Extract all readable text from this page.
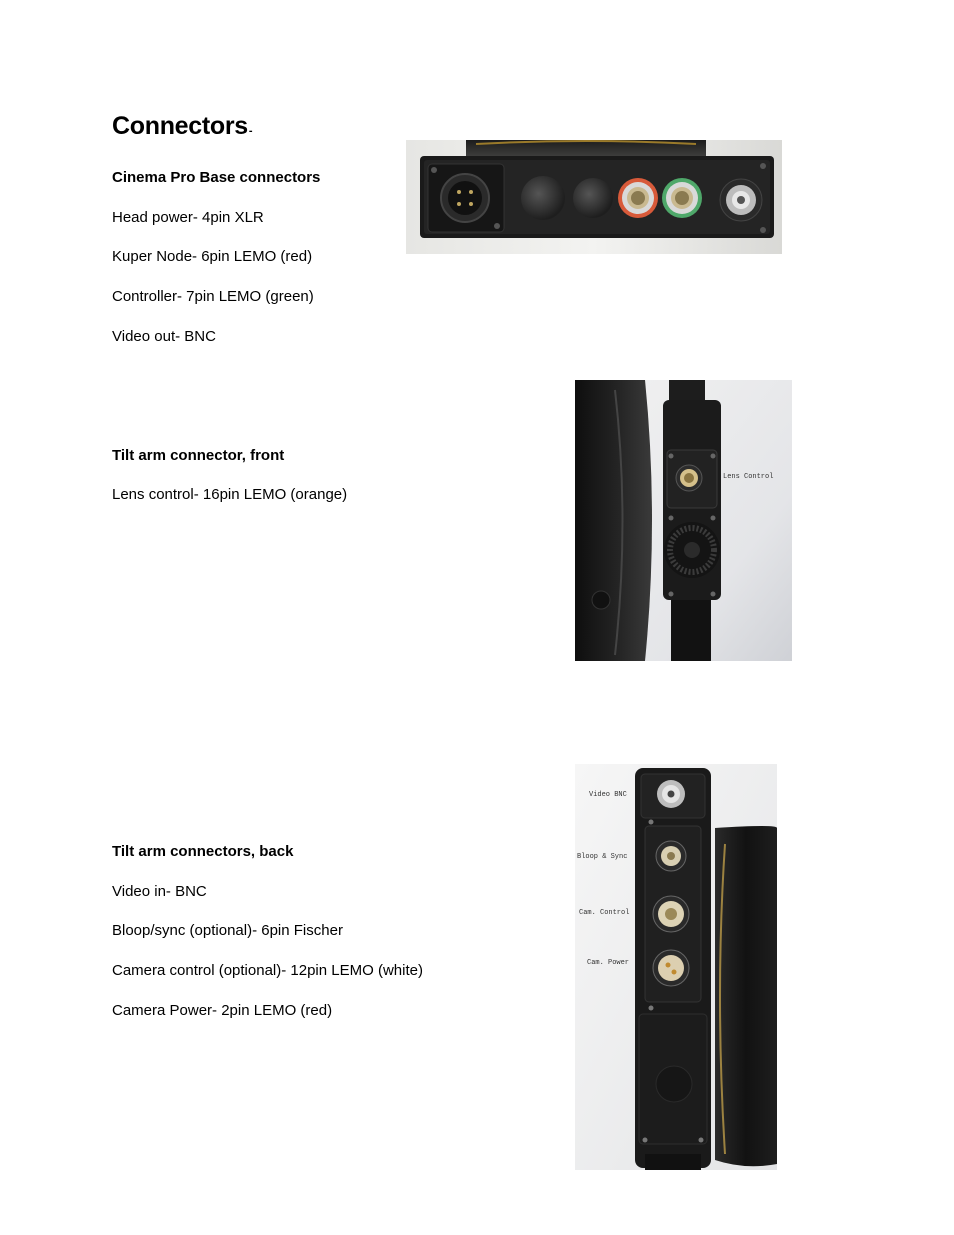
Connectors-
Cinema Pro Base connectors
Head power- 4pin XLR
Kuper Node- 6pin LEMO (red)
Controller- 7pin LEMO (green)
Video out- BNC
Tilt arm connector, front
Lens control- 16pin LEMO (orange)
Tilt arm connectors, back
Video in- BNC
Bloop/sync (optional)- 6pin Fischer
Camera control (optional)- 12pin LEMO (white)
Camera Power- 2pin LEMO (red)
Lens Control
Video BNC
Bloop & Sync
Cam. Control
Cam. Power
